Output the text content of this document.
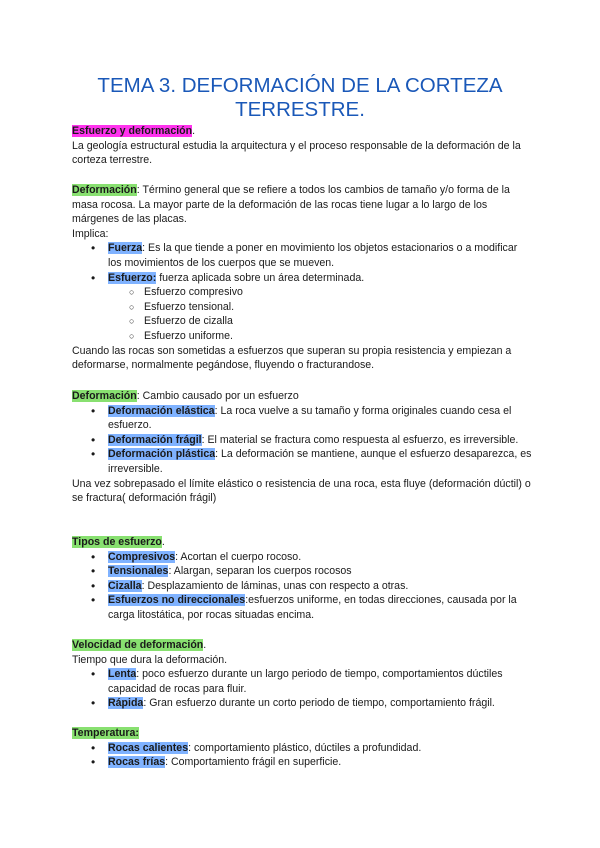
TEMA 3. DEFORMACIÓN DE LA CORTEZA TERRESTRE.

Esfuerzo y deformación.

La geología estructural estudia la arquitectura y el proceso responsable de la deformación de la corteza terrestre.

Deformación: Término general que se refiere a todos los cambios de tamaño y/o forma de la masa rocosa. La mayor parte de la deformación de las rocas tiene lugar a lo largo de los márgenes de las placas.

Implica:

• Fuerza: Es la que tiende a poner en movimiento los objetos estacionarios o a modificar los movimientos de los cuerpos que se mueven.
• Esfuerzo: fuerza aplicada sobre un área determinada.
○ Esfuerzo compresivo
○ Esfuerzo tensional.
○ Esfuerzo de cizalla
○ Esfuerzo uniforme.

Cuando las rocas son sometidas a esfuerzos que superan su propia resistencia y empiezan a deformarse, normalmente pegándose, fluyendo o fracturandose.

Deformación: Cambio causado por un esfuerzo

• Deformación elástica: La roca vuelve a su tamaño y forma originales cuando cesa el esfuerzo.
• Deformación frágil: El material se fractura como respuesta al esfuerzo, es irreversible.
• Deformación plástica: La deformación se mantiene, aunque el esfuerzo desaparezca, es irreversible.

Una vez sobrepasado el límite elástico o resistencia de una roca, esta fluye (deformación dúctil) o se fractura( deformación frágil)

Tipos de esfuerzo.

• Compresivos: Acortan el cuerpo rocoso.
• Tensionales: Alargan, separan los cuerpos rocosos
• Cizalla: Desplazamiento de láminas, unas con respecto a otras.
• Esfuerzos no direccionales:esfuerzos uniforme, en todas direcciones, causada por la carga litostática, por rocas situadas encima.

Velocidad de deformación.

Tiempo que dura la deformación.

• Lenta: poco esfuerzo durante un largo periodo de tiempo, comportamientos dúctiles capacidad de rocas para fluir.
• Rápida: Gran esfuerzo durante un corto periodo de tiempo, comportamiento frágil.

Temperatura:

• Rocas calientes: comportamiento plástico, dúctiles a profundidad.
• Rocas frías: Comportamiento frágil en superficie.
